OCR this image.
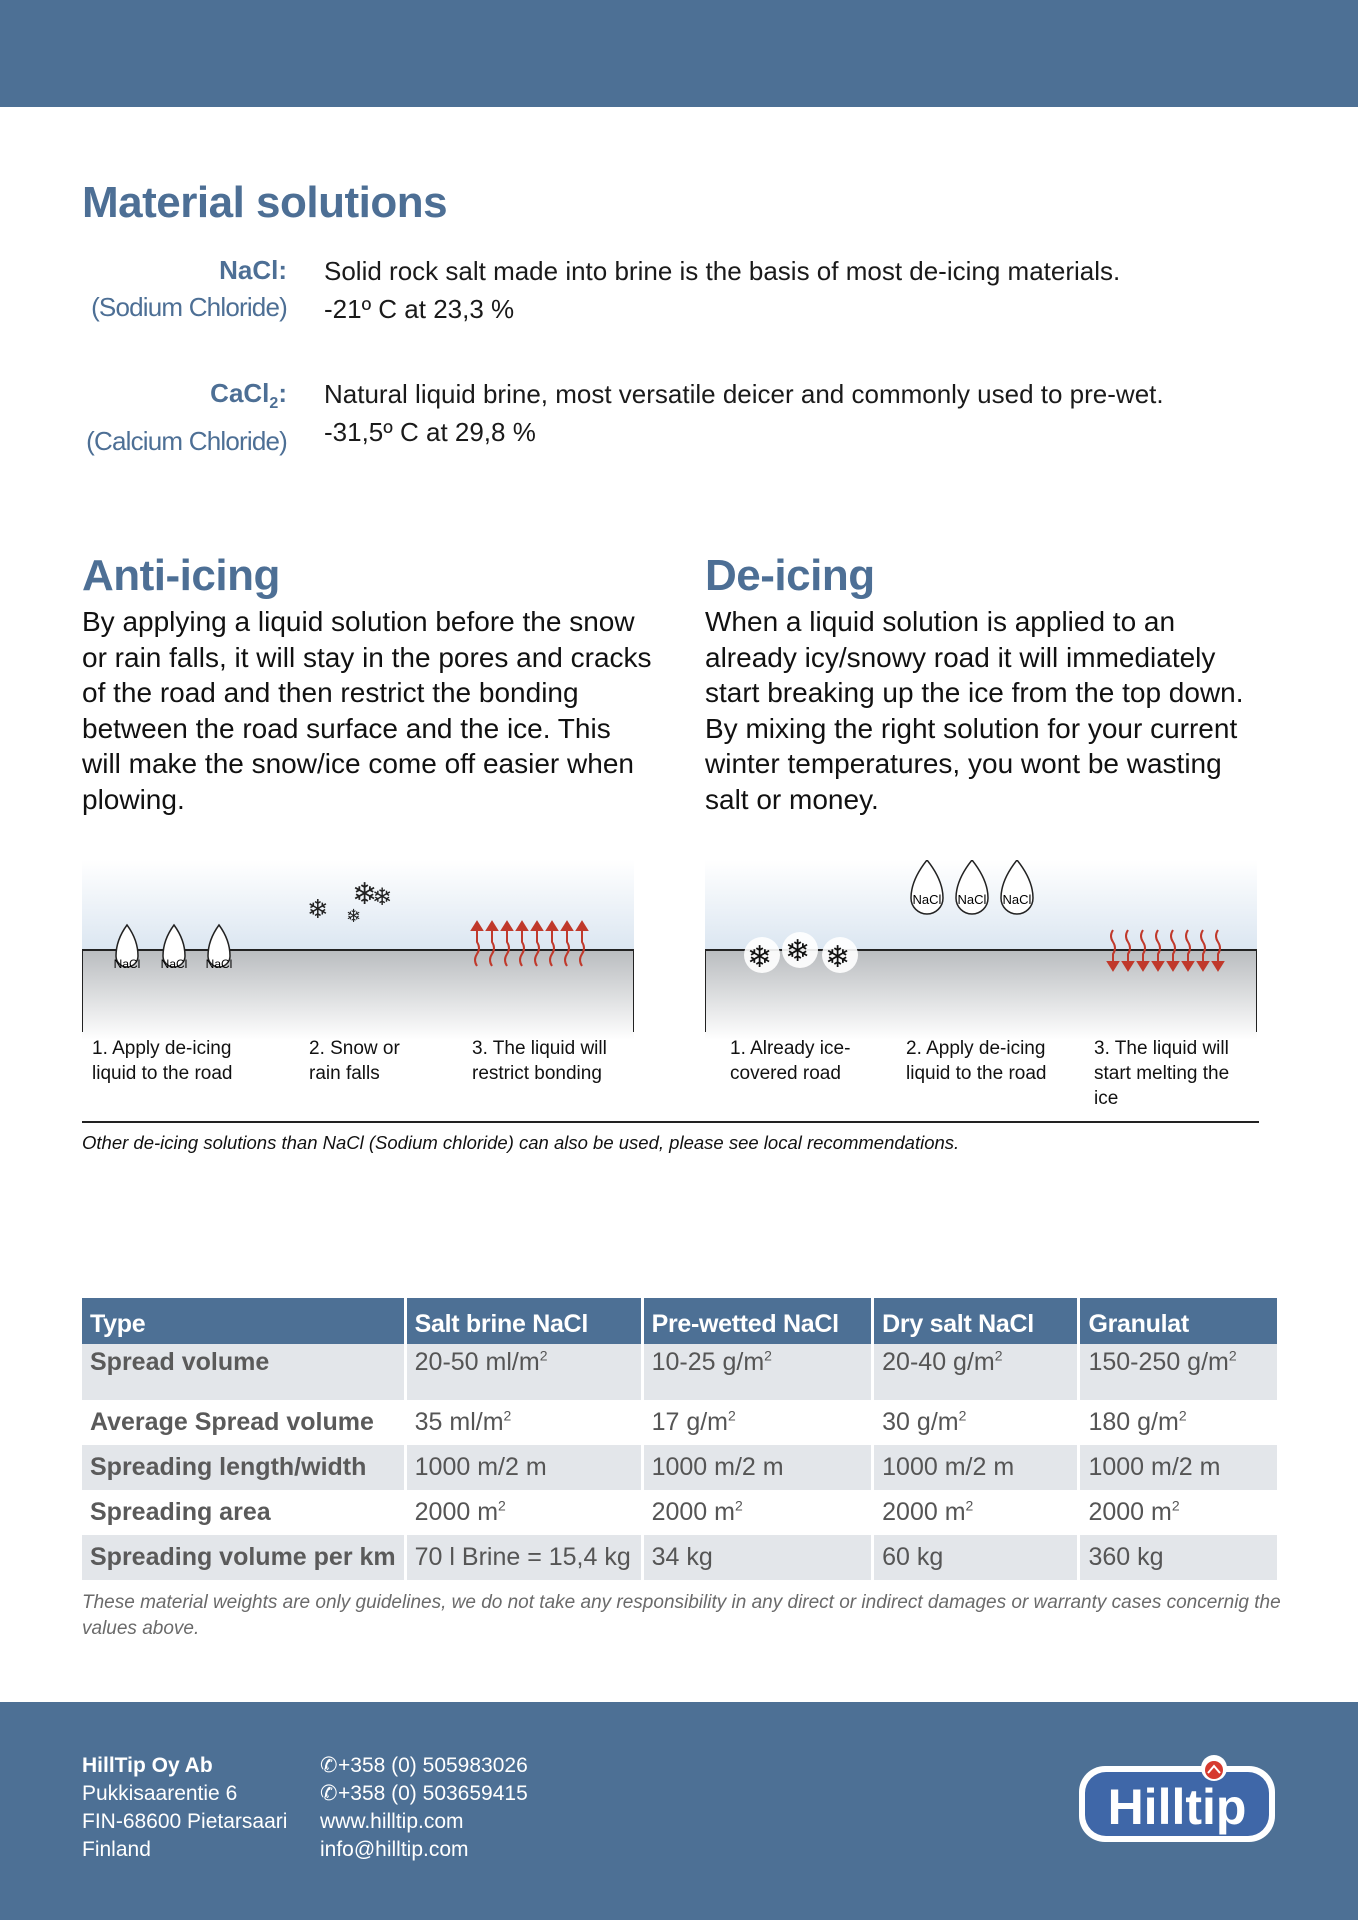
Material solutions
NaCl:
(Sodium Chloride)
Solid rock salt made into brine is the basis of most de-icing materials.
-21º C at 23,3 %
CaCl$_2$:
(Calcium Chloride)
Natural liquid brine, most versatile deicer and commonly used to pre-wet.
-31,5º C at 29,8 %
Anti-icing

By applying a liquid solution before the snow or rain falls, it will stay in the pores and cracks of the road and then restrict the bonding between the road surface and the ice. This will make the snow/ice come off easier when plowing.

De-icing

When a liquid solution is applied to an already icy/snowy road it will immediately start breaking up the ice from the top down. By mixing the right solution for your current winter temperatures, you wont be wasting salt or money.

NaCl NaCl NaCl
❄
❄ ❄
❄
1. Apply de-icing
liquid to the road
2. Snow or
rain falls
3. The liquid will
restrict bonding
❄ ❄ ❄
NaCl NaCl NaCl
1. Already ice-
covered road
2. Apply de-icing
liquid to the road
3. The liquid will
start melting the ice
Other de-icing solutions than NaCl (Sodium chloride) can also be used, please see local recommendations.
Type	Salt brine NaCl	Pre-wetted NaCl	Dry salt NaCl	Granulat
Spread volume	20-50 $ml/m^2$	10-25 $g/m^2$	20-40 $g/m^2$	150-250 $g/m^2$
Average Spread volume	35 $ml/m^2$	17 $g/m^2$	30 $g/m^2$	180 $g/m^2$
Spreading length/width	1000 m/2 m	1000 m/2 m	1000 m/2 m	1000 m/2 m
Spreading area	2000 $m^2$	2000 $m^2$	2000 $m^2$	2000 $m^2$
Spreading volume per km	70 l Brine = 15,4 kg	34 kg	60 kg	360 kg
These material weights are only guidelines, we do not take any responsibility in any direct or indirect damages or warranty cases concernig the values above.
HillTip Oy Ab
Pukkisaarentie 6
FIN-68600 Pietarsaari
Finland
✆+358 (0) 505983026
✆+358 (0) 503659415
www.hilltip.com
info@hilltip.com
Hilltip
